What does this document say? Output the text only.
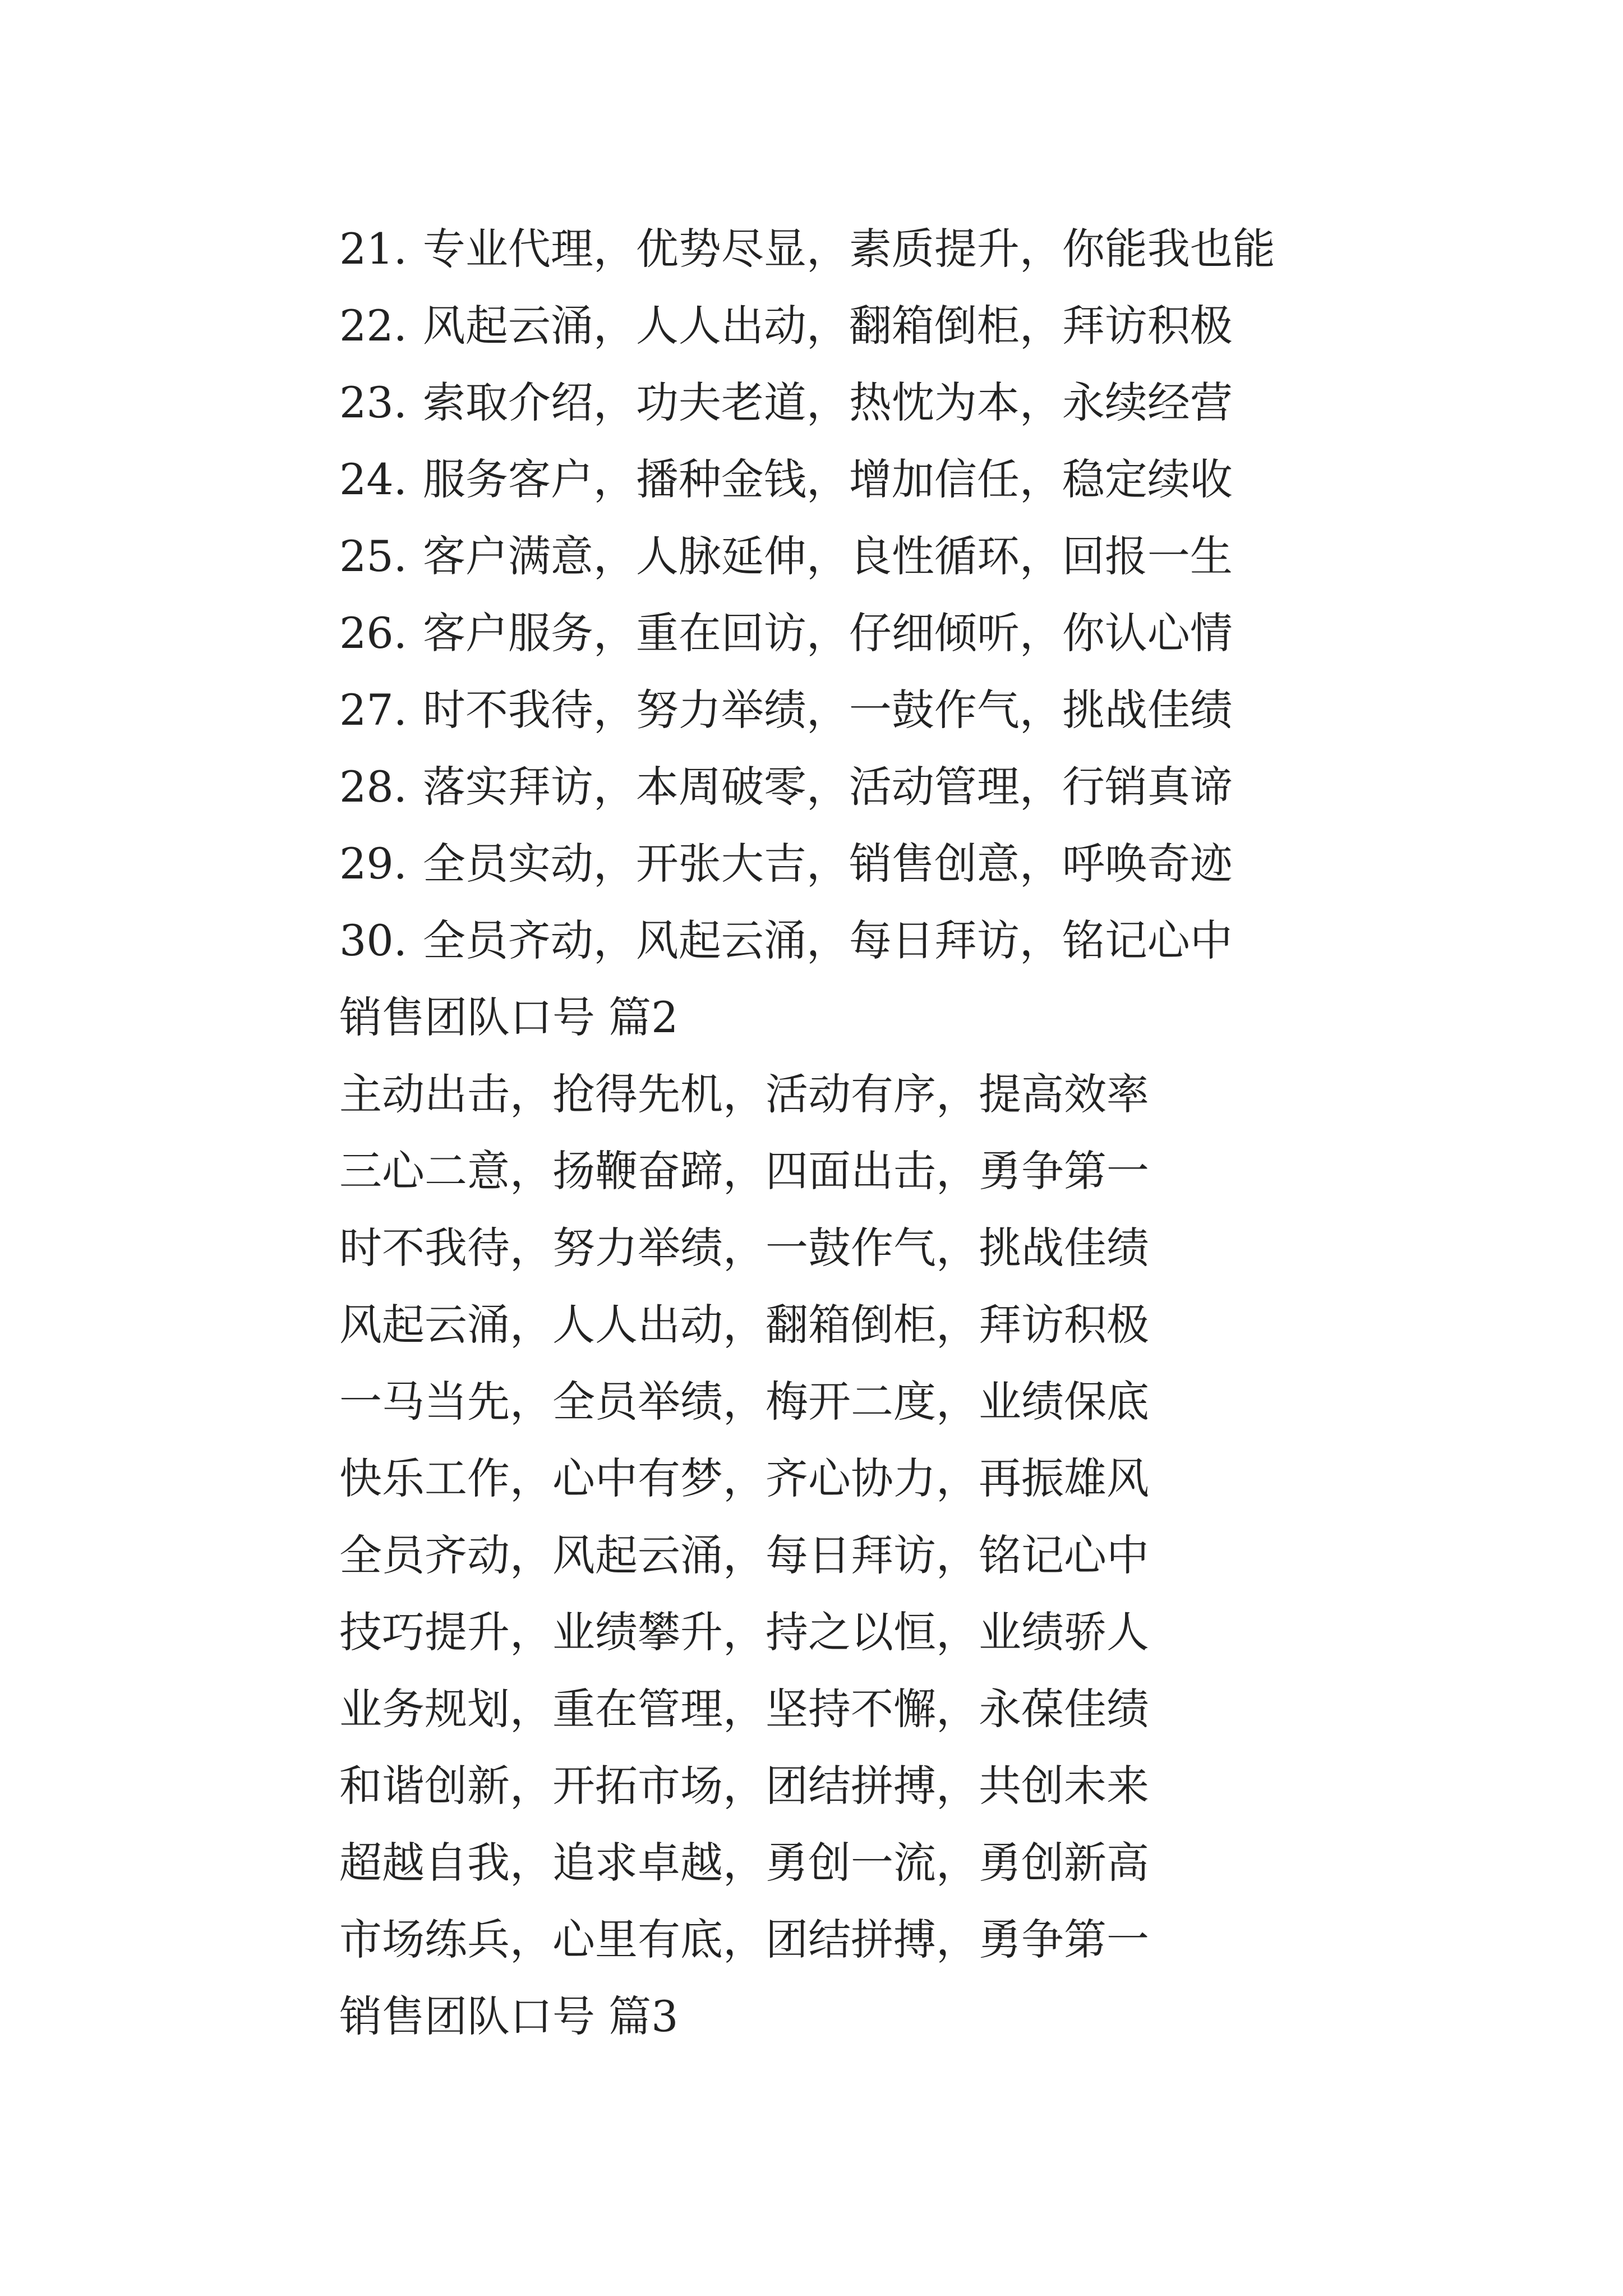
21. 专业代理，优势尽显，素质提升，你能我也能
22. 风起云涌，人人出动，翻箱倒柜，拜访积极
23. 索取介绍，功夫老道，热忱为本，永续经营
24. 服务客户，播种金钱，增加信任，稳定续收
25. 客户满意，人脉延伸，良性循环，回报一生
26. 客户服务，重在回访，仔细倾听，你认心情
27. 时不我待，努力举绩，一鼓作气，挑战佳绩
28. 落实拜访，本周破零，活动管理，行销真谛
29. 全员实动，开张大吉，销售创意，呼唤奇迹
30. 全员齐动，风起云涌，每日拜访，铭记心中
销售团队口号 篇2
主动出击，抢得先机，活动有序，提高效率
三心二意，扬鞭奋蹄，四面出击，勇争第一
时不我待，努力举绩，一鼓作气，挑战佳绩
风起云涌，人人出动，翻箱倒柜，拜访积极
一马当先，全员举绩，梅开二度，业绩保底
快乐工作，心中有梦，齐心协力，再振雄风
全员齐动，风起云涌，每日拜访，铭记心中
技巧提升，业绩攀升，持之以恒，业绩骄人
业务规划，重在管理，坚持不懈，永葆佳绩
和谐创新，开拓市场，团结拼搏，共创未来
超越自我，追求卓越，勇创一流，勇创新高
市场练兵，心里有底，团结拼搏，勇争第一
销售团队口号 篇3
